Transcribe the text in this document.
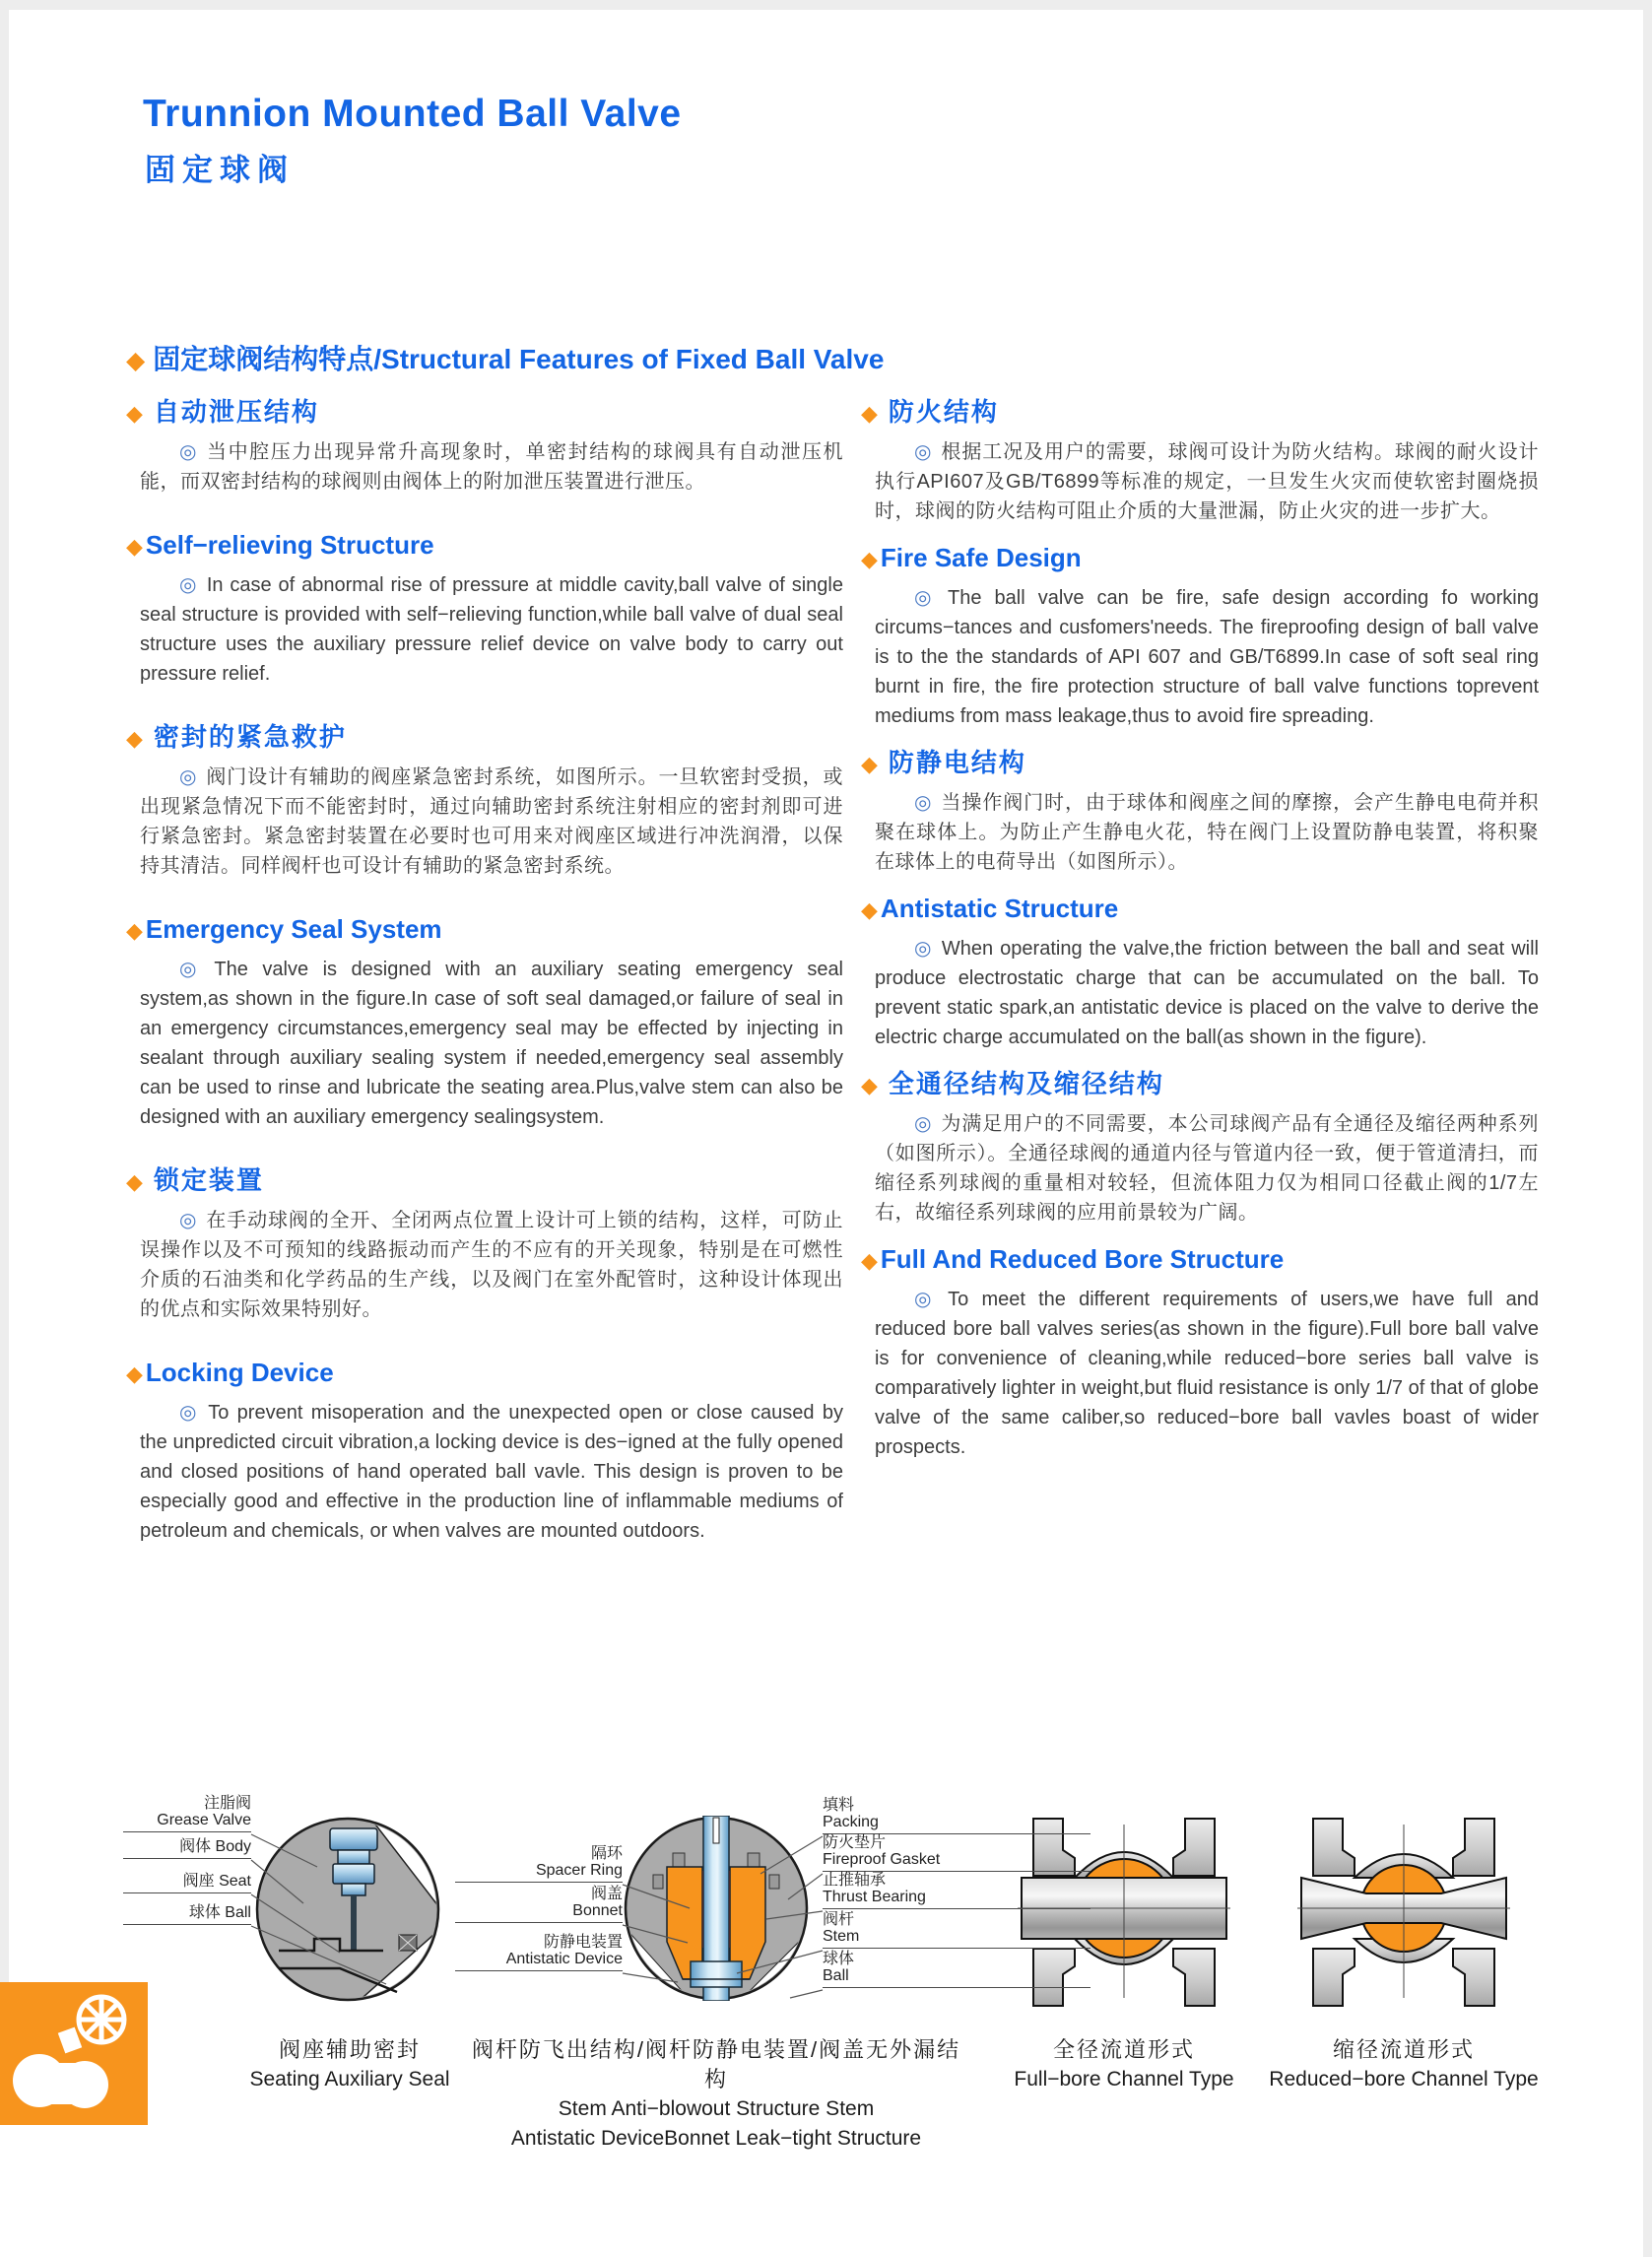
Trunnion Mounted Ball Valve
固定球阀
◆ 固定球阀结构特点/Structural Features of Fixed Ball Valve
◆ 自动泄压结构

◎ 当中腔压力出现异常升高现象时，单密封结构的球阀具有自动泄压机能，而双密封结构的球阀则由阀体上的附加泄压装置进行泄压。

◆ Self−relieving Structure

◎ In case of abnormal rise of pressure at middle cavity,ball valve of single seal structure is provided with self−relieving function,while ball valve of dual seal structure uses the auxiliary pressure relief device on valve body to carry out pressure relief.

◆ 密封的紧急救护

◎ 阀门设计有辅助的阀座紧急密封系统，如图所示。一旦软密封受损，或出现紧急情况下而不能密封时，通过向辅助密封系统注射相应的密封剂即可进行紧急密封。紧急密封装置在必要时也可用来对阀座区域进行冲洗润滑，以保持其清洁。同样阀杆也可设计有辅助的紧急密封系统。

◆ Emergency Seal System

◎ The valve is designed with an auxiliary seating emergency seal system,as shown in the figure.In case of soft seal damaged,or failure of seal in an emergency circumstances,emergency seal may be effected by injecting in sealant through auxiliary sealing system if needed,emergency seal assembly can be used to rinse and lubricate the seating area.Plus,valve stem can also be designed with an auxiliary emergency sealingsystem.

◆ 锁定装置

◎ 在手动球阀的全开、全闭两点位置上设计可上锁的结构，这样，可防止误操作以及不可预知的线路振动而产生的不应有的开关现象，特别是在可燃性介质的石油类和化学药品的生产线，以及阀门在室外配管时，这种设计体现出的优点和实际效果特别好。

◆ Locking Device

◎ To prevent misoperation and the unexpected open or close caused by the unpredicted circuit vibration,a locking device is des−igned at the fully opened and closed positions of hand operated ball vavle. This design is proven to be especially good and effective in the production line of inflammable mediums of petroleum and chemicals, or when valves are mounted outdoors.

◆ 防火结构

◎ 根据工况及用户的需要，球阀可设计为防火结构。球阀的耐火设计执行API607及GB/T6899等标准的规定，一旦发生火灾而使软密封圈烧损时，球阀的防火结构可阻止介质的大量泄漏，防止火灾的进一步扩大。

◆ Fire Safe Design

◎ The ball valve can be fire, safe design according fo working circums−tances and cusfomers'needs. The fireproofing design of ball valve is to the the standards of API 607 and GB/T6899.In case of soft seal ring burnt in fire, the fire protection structure of ball valve functions toprevent mediums from mass leakage,thus to avoid fire spreading.

◆ 防静电结构

◎ 当操作阀门时，由于球体和阀座之间的摩擦，会产生静电电荷并积聚在球体上。为防止产生静电火花，特在阀门上设置防静电装置，将积聚在球体上的电荷导出（如图所示）。

◆ Antistatic Structure

◎ When operating the valve,the friction between the ball and seat will produce electrostatic charge that can be accumulated on the ball. To prevent static spark,an antistatic device is placed on the valve to derive the electric charge accumulated on the ball(as shown in the figure).

◆ 全通径结构及缩径结构

◎ 为满足用户的不同需要，本公司球阀产品有全通径及缩径两种系列（如图所示）。全通径球阀的通道内径与管道内径一致，便于管道清扫，而缩径系列球阀的重量相对较轻，但流体阻力仅为相同口径截止阀的1/7左右，故缩径系列球阀的应用前景较为广阔。

◆ Full And Reduced Bore Structure

◎ To meet the different requirements of users,we have full and reduced bore ball valves series(as shown in the figure).Full bore ball valve is for convenience of cleaning,while reduced−bore series ball valve is comparatively lighter in weight,but fluid resistance is only 1/7 of that of globe valve of the same caliber,so reduced−bore ball vavles boast of wider prospects.

注脂阀
Grease Valve
阀体 Body
阀座 Seat
球体 Ball
隔环
Spacer Ring
阀盖
Bonnet
防静电装置
Antistatic Device
填料
Packing
防火垫片
Fireproof Gasket
止推轴承
Thrust Bearing
阀杆
Stem
球体
Ball
阀座辅助密封
Seating Auxiliary Seal
阀杆防飞出结构/阀杆防静电装置/阀盖无外漏结构
Stem Anti−blowout Structure Stem
Antistatic DeviceBonnet Leak−tight Structure
全径流道形式
Full−bore Channel Type
缩径流道形式
Reduced−bore Channel Type
